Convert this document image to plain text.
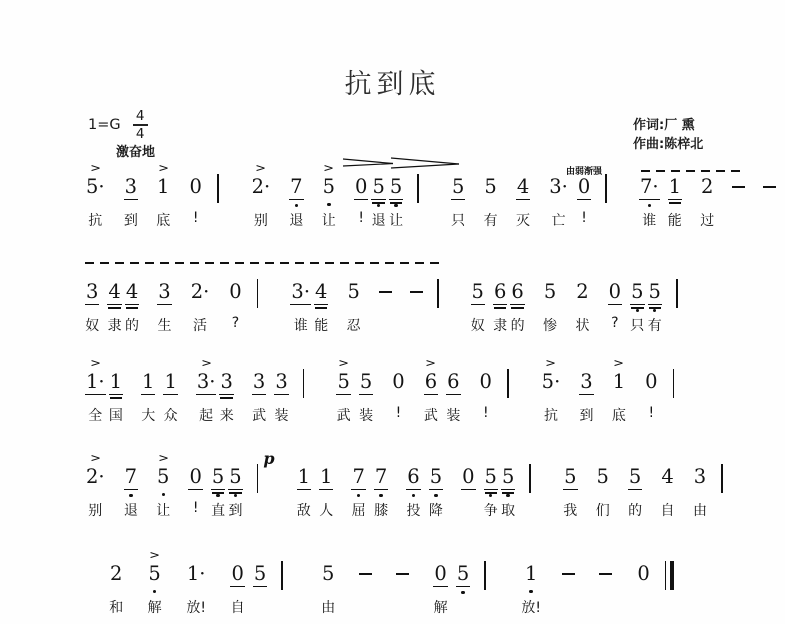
抗到底
1=G
4
4
激奋地
作词:厂 熏
作曲:陈梓北
由弱渐强
>
5·
抗
3
到
>
1
底
0
!
>
2·
别
7
退
>
5
让
0
!
5
退
5
让
5
只
5
有
4
灭
3·
亡
0
!
7·
谁
1
能
2
过
3
奴
4
隶
4
的
3
生
2·
活
0
?
3·
谁
4
能
5
忍
5
奴
6
隶
6
的
5
惨
2
状
0
?
5
只
5
有
>
1·
全
1
国
1
大
1
众
>
3·
起
3
来
3
武
3
装
>
5
武
5
装
0
!
>
6
武
6
装
0
!
>
5·
抗
3
到
>
1
底
0
!
>
2·
别
7
退
>
5
让
0
!
5
直
5
到
p
1
敌
1
人
7
屈
7
膝
6
投
5
降
0 5
争
5
取
5
我
5
们
5
的
4
自
3
由
2
和
>
5
解
1·
放!
0
自
5	5
由
0
解
5	1
放!
0
